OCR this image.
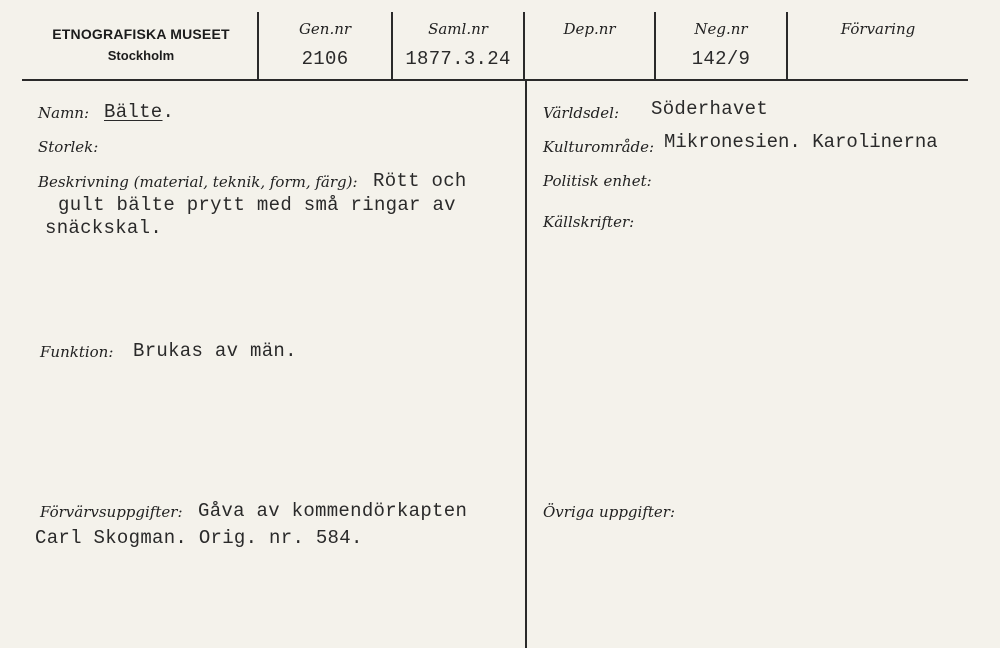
ETNOGRAFISKA MUSEET
Stockholm
Gen.nr
2106
Saml.nr
1877.3.24
Dep.nr	Neg.nr
142/9
Förvaring
Namn: Bälte.
Storlek:
Beskrivning (material, teknik, form, färg): Rött och
gult bälte prytt med små ringar av
snäckskal.
Funktion: Brukas av män.
Förvärvsuppgifter: Gåva av kommendörkapten
Carl Skogman. Orig. nr. 584.
Världsdel: Söderhavet
Kulturområde: Mikronesien. Karolinerna
Politisk enhet:
Källskrifter:
Övriga uppgifter:
